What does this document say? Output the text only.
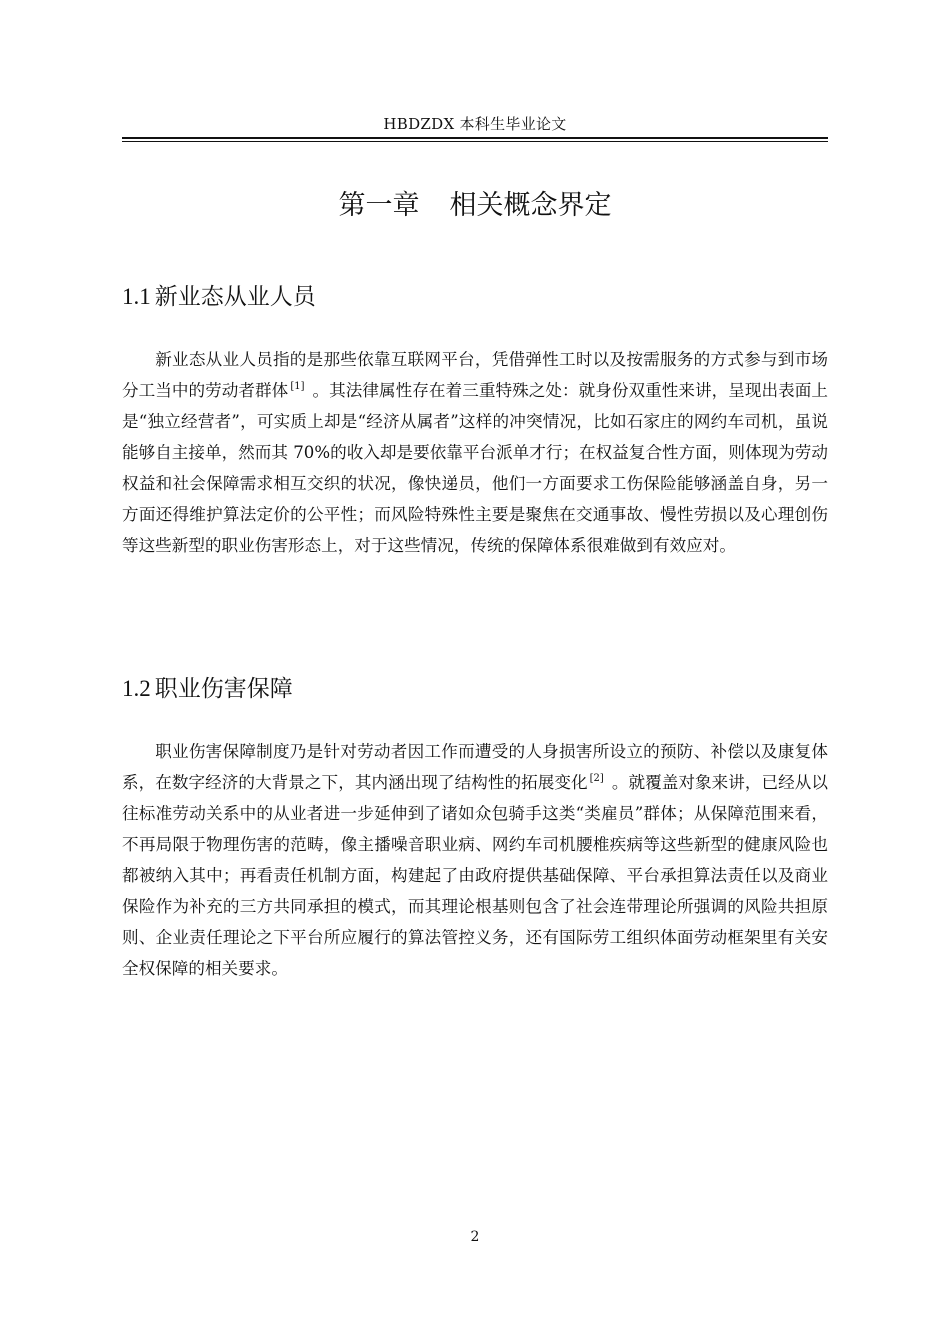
HBDZDX 本科生毕业论文
第一章 相关概念界定
1.1 新业态从业人员

新业态从业人员指的是那些依靠互联网平台，凭借弹性工时以及按需服务的方式参与到市场分工当中的劳动者群体 [1] 。其法律属性存在着三重特殊之处：就身份双重性来讲，呈现出表面上是“独立经营者”，可实质上却是“经济从属者”这样的冲突情况，比如石家庄的网约车司机，虽说能够自主接单，然而其 70%的收入却是要依靠平台派单才行；在权益复合性方面，则体现为劳动权益和社会保障需求相互交织的状况，像快递员，他们一方面要求工伤保险能够涵盖自身，另一方面还得维护算法定价的公平性；而风险特殊性主要是聚焦在交通事故、慢性劳损以及心理创伤等这些新型的职业伤害形态上，对于这些情况，传统的保障体系很难做到有效应对。

1.2 职业伤害保障

职业伤害保障制度乃是针对劳动者因工作而遭受的人身损害所设立的预防、补偿以及康复体系，在数字经济的大背景之下，其内涵出现了结构性的拓展变化 [2] 。就覆盖对象来讲，已经从以往标准劳动关系中的从业者进一步延伸到了诸如众包骑手这类“类雇员”群体；从保障范围来看，不再局限于物理伤害的范畴，像主播噪音职业病、网约车司机腰椎疾病等这些新型的健康风险也都被纳入其中；再看责任机制方面，构建起了由政府提供基础保障、平台承担算法责任以及商业保险作为补充的三方共同承担的模式，而其理论根基则包含了社会连带理论所强调的风险共担原则、企业责任理论之下平台所应履行的算法管控义务，还有国际劳工组织体面劳动框架里有关安全权保障的相关要求。

2
